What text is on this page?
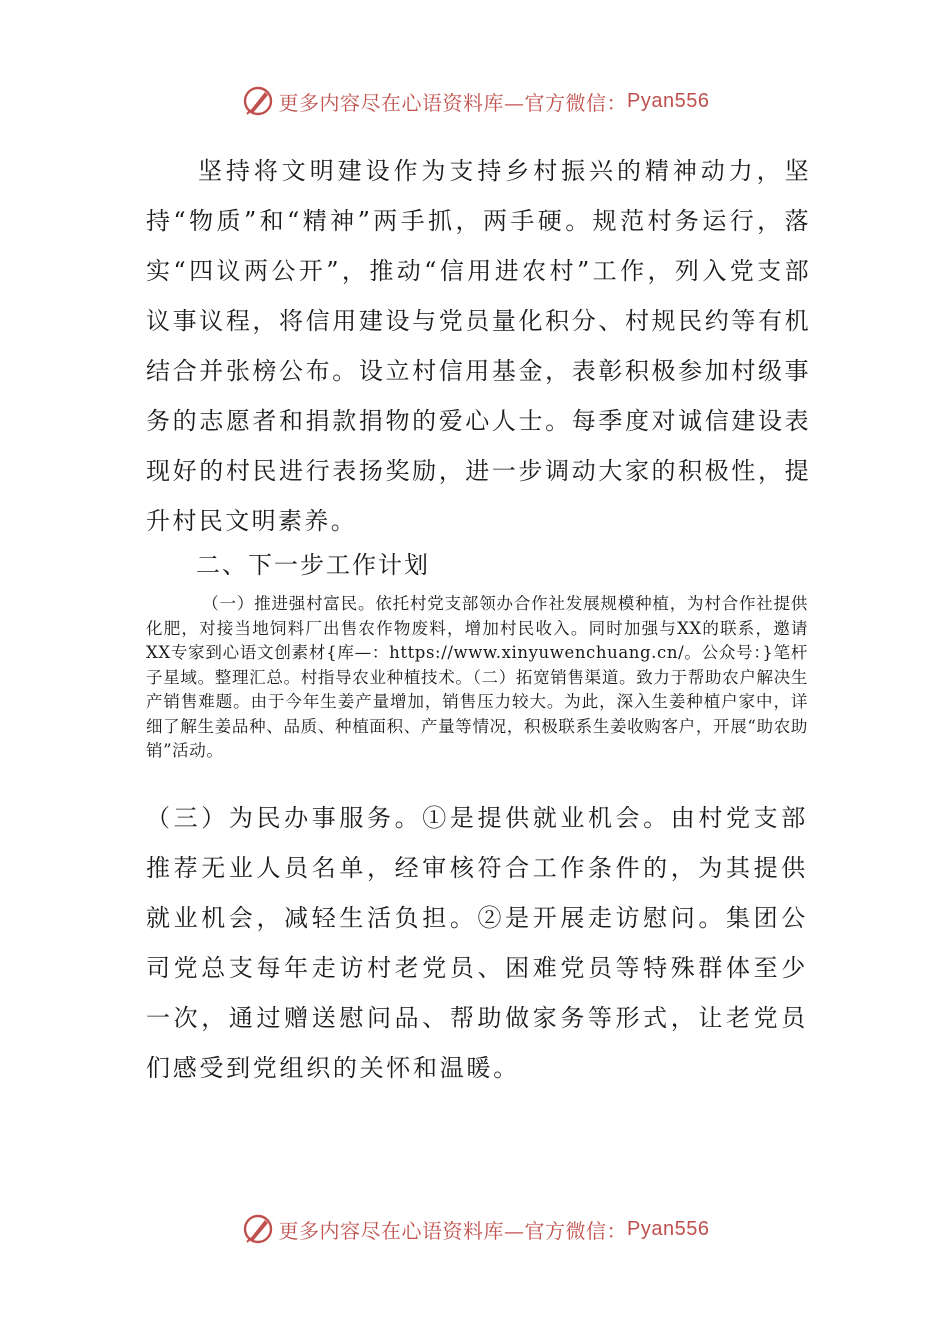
更多内容尽在心语资料库—官方微信： Pyan556

坚持将文明建设作为支持乡村振兴的精神动力，坚持“物质”和“精神”两手抓，两手硬。规范村务运行，落实“四议两公开”，推动“信用进农村”工作，列入党支部议事议程，将信用建设与党员量化积分、村规民约等有机结合并张榜公布。设立村信用基金，表彰积极参加村级事务的志愿者和捐款捐物的爱心人士。每季度对诚信建设表现好的村民进行表扬奖励，进一步调动大家的积极性，提升村民文明素养。

二、下一步工作计划

（一）推进强村富民。依托村党支部领办合作社发展规模种植，为村合作社提供化肥，对接当地饲料厂出售农作物废料，增加村民收入。同时加强与XX的联系，邀请XX专家到心语文创素材{库—：https://www.xinyuwenchuang.cn/。公众号：}笔杆子星域。整理汇总。村指导农业种植技术。（二）拓宽销售渠道。致力于帮助农户解决生产销售难题。由于今年生姜产量增加，销售压力较大。为此，深入生姜种植户家中，详细了解生姜品种、品质、种植面积、产量等情况，积极联系生姜收购客户，开展“助农助销”活动。

（三）为民办事服务。①是提供就业机会。由村党支部推荐无业人员名单，经审核符合工作条件的，为其提供就业机会，减轻生活负担。②是开展走访慰问。集团公司党总支每年走访村老党员、困难党员等特殊群体至少一次，通过赠送慰问品、帮助做家务等形式，让老党员们感受到党组织的关怀和温暖。

更多内容尽在心语资料库—官方微信： Pyan556
